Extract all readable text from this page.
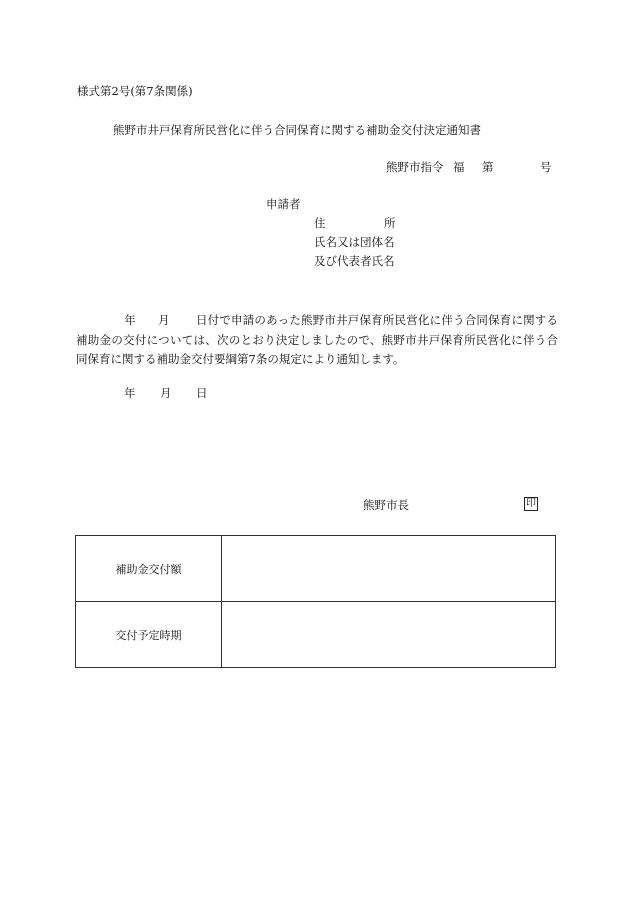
様式第2号(第7条関係)
熊野市井戸保育所民営化に伴う合同保育に関する補助金交付決定通知書
熊野市指令 福 第	号
申請者
住	所
氏名又は団体名
及び代表者氏名
年 月 日付で申請のあった熊野市井戸保育所民営化に伴う合同保育に関する補助金の交付については、次のとおり決定しましたので、熊野市井戸保育所民営化に伴う合同保育に関する補助金交付要綱第7条の規定により通知します。
年 月 日
熊野市長	印
補助金交付額	
交付予定時期	
